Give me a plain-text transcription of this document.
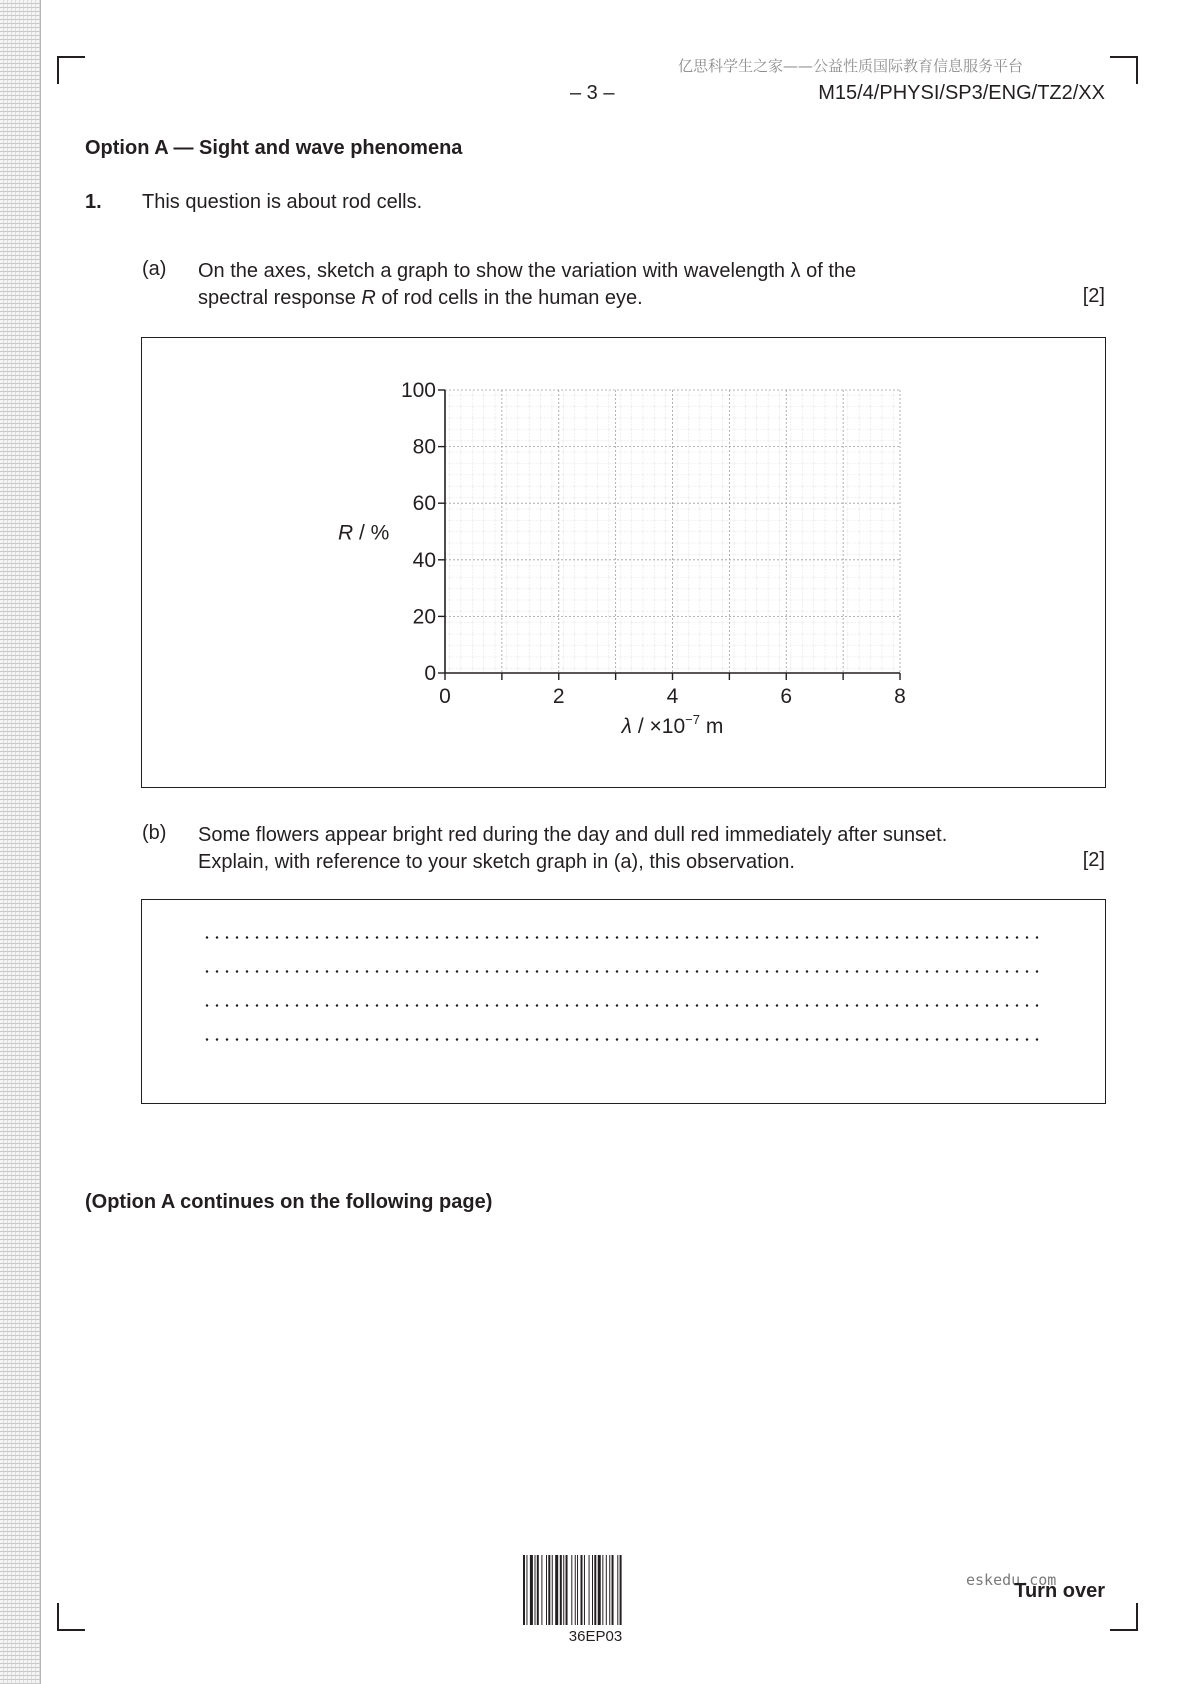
亿思科学生之家——公益性质国际教育信息服务平台
– 3 –	M15/4/PHYSI/SP3/ENG/TZ2/XX
Option A — Sight and wave phenomena
1. This question is about rod cells.
(a) On the axes, sketch a graph to show the variation with wavelength λ of the
spectral response R of rod cells in the human eye.	[2]
0	2	4	6	8
0
20
40
60
80
100
R / %
$\lambda / \times 10^{-7}$ m
(b) Some flowers appear bright red during the day and dull red immediately after sunset.
Explain, with reference to your sketch graph in (a), this observation.	[2]
(Option A continues on the following page)
36EP03
eskedu.com
Turn over
